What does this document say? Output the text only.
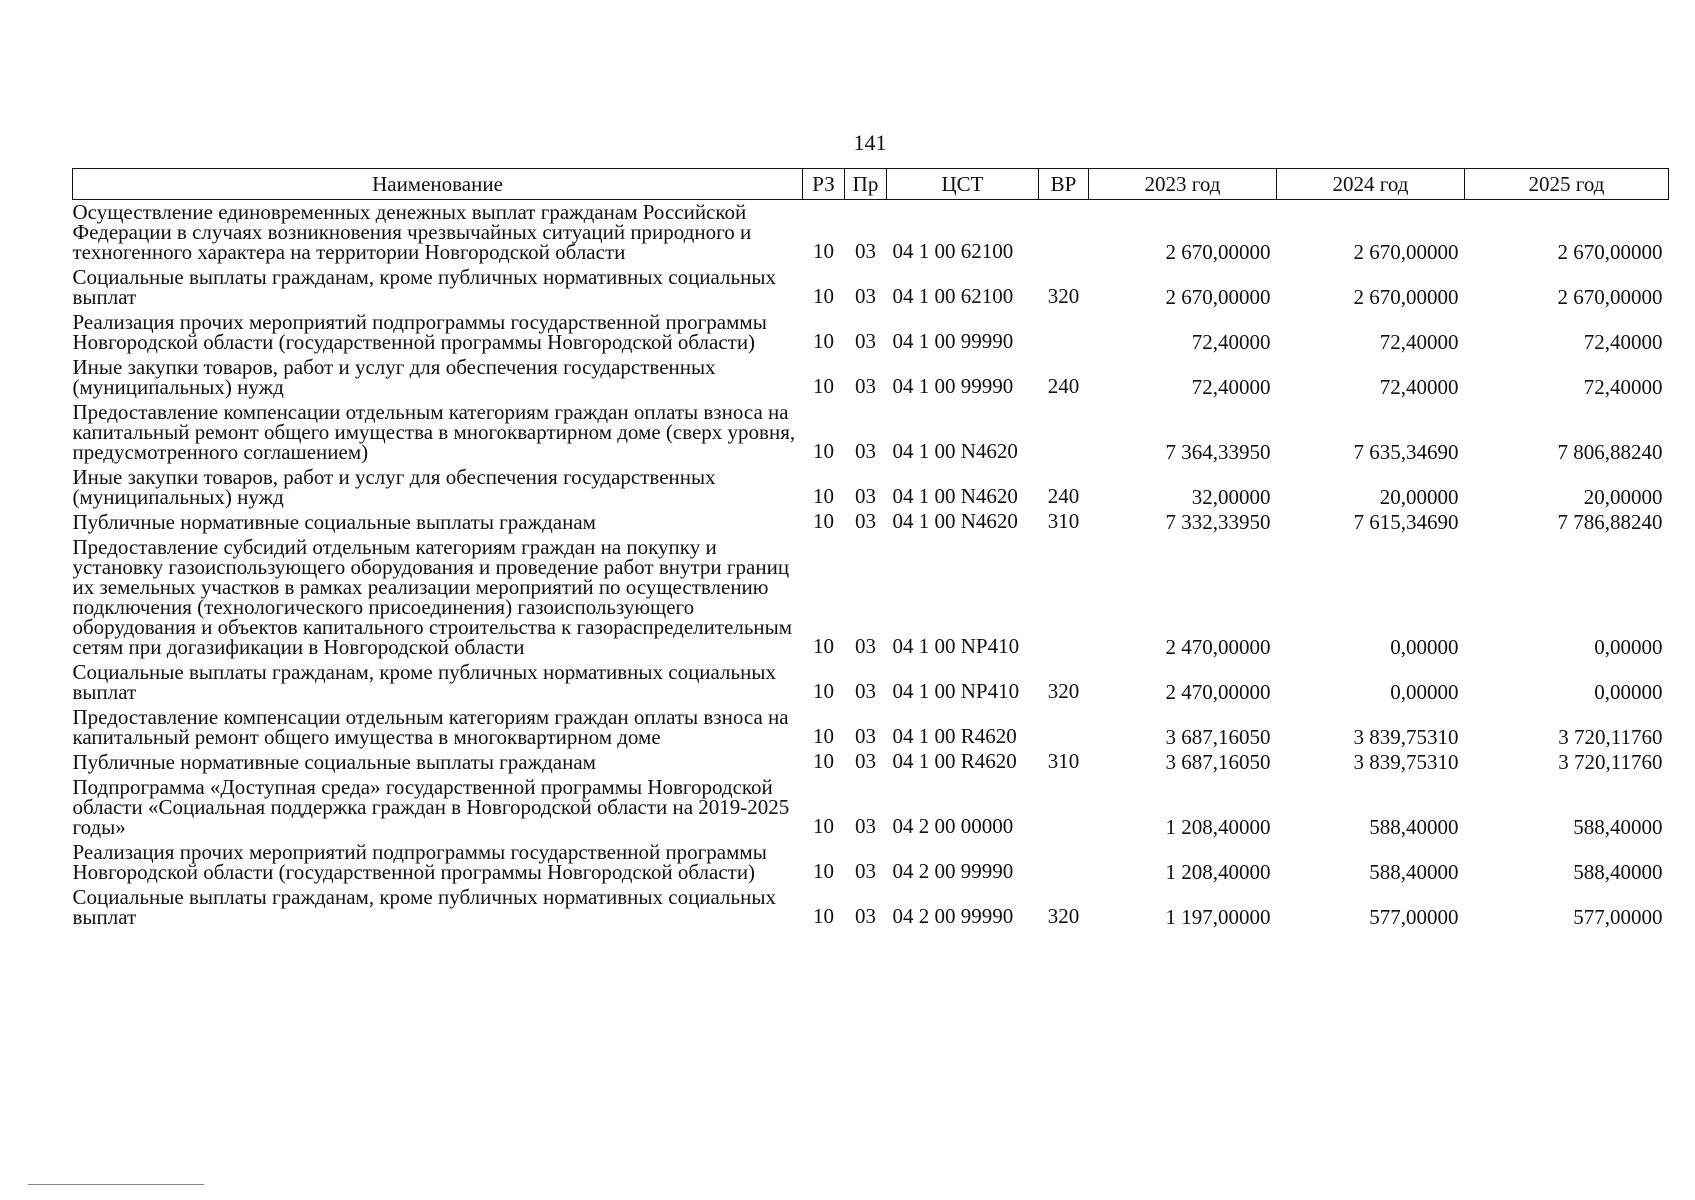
141
Наименование	РЗ	Пр	ЦСТ	ВР	2023 год	2024 год	2025 год
Осуществление единовременных денежных выплат гражданам Российской Федерации в случаях возникновения чрезвычайных ситуаций природного и техногенного характера на территории Новгородской области	10	03	04 1 00 62100		2 670,00000	2 670,00000	2 670,00000
Социальные выплаты гражданам, кроме публичных нормативных социальных выплат	10	03	04 1 00 62100	320	2 670,00000	2 670,00000	2 670,00000
Реализация прочих мероприятий подпрограммы государственной программы Новгородской области (государственной программы Новгородской области)	10	03	04 1 00 99990		72,40000	72,40000	72,40000
Иные закупки товаров, работ и услуг для обеспечения государственных (муниципальных) нужд	10	03	04 1 00 99990	240	72,40000	72,40000	72,40000
Предоставление компенсации отдельным категориям граждан оплаты взноса на капитальный ремонт общего имущества в многоквартирном доме (сверх уровня, предусмотренного соглашением)	10	03	04 1 00 N4620		7 364,33950	7 635,34690	7 806,88240
Иные закупки товаров, работ и услуг для обеспечения государственных (муниципальных) нужд	10	03	04 1 00 N4620	240	32,00000	20,00000	20,00000
Публичные нормативные социальные выплаты гражданам	10	03	04 1 00 N4620	310	7 332,33950	7 615,34690	7 786,88240
Предоставление субсидий отдельным категориям граждан на покупку и установку газоиспользующего оборудования и проведение работ внутри границ их земельных участков в рамках реализации мероприятий по осуществлению подключения (технологического присоединения) газоиспользующего оборудования и объектов капитального строительства к газораспределительным сетям при догазификации в Новгородской области	10	03	04 1 00 NP410		2 470,00000	0,00000	0,00000
Социальные выплаты гражданам, кроме публичных нормативных социальных выплат	10	03	04 1 00 NP410	320	2 470,00000	0,00000	0,00000
Предоставление компенсации отдельным категориям граждан оплаты взноса на капитальный ремонт общего имущества в многоквартирном доме	10	03	04 1 00 R4620		3 687,16050	3 839,75310	3 720,11760
Публичные нормативные социальные выплаты гражданам	10	03	04 1 00 R4620	310	3 687,16050	3 839,75310	3 720,11760
Подпрограмма «Доступная среда» государственной программы Новгородской области «Социальная поддержка граждан в Новгородской области на 2019-2025 годы»	10	03	04 2 00 00000		1 208,40000	588,40000	588,40000
Реализация прочих мероприятий подпрограммы государственной программы Новгородской области (государственной программы Новгородской области)	10	03	04 2 00 99990		1 208,40000	588,40000	588,40000
Социальные выплаты гражданам, кроме публичных нормативных социальных выплат	10	03	04 2 00 99990	320	1 197,00000	577,00000	577,00000
